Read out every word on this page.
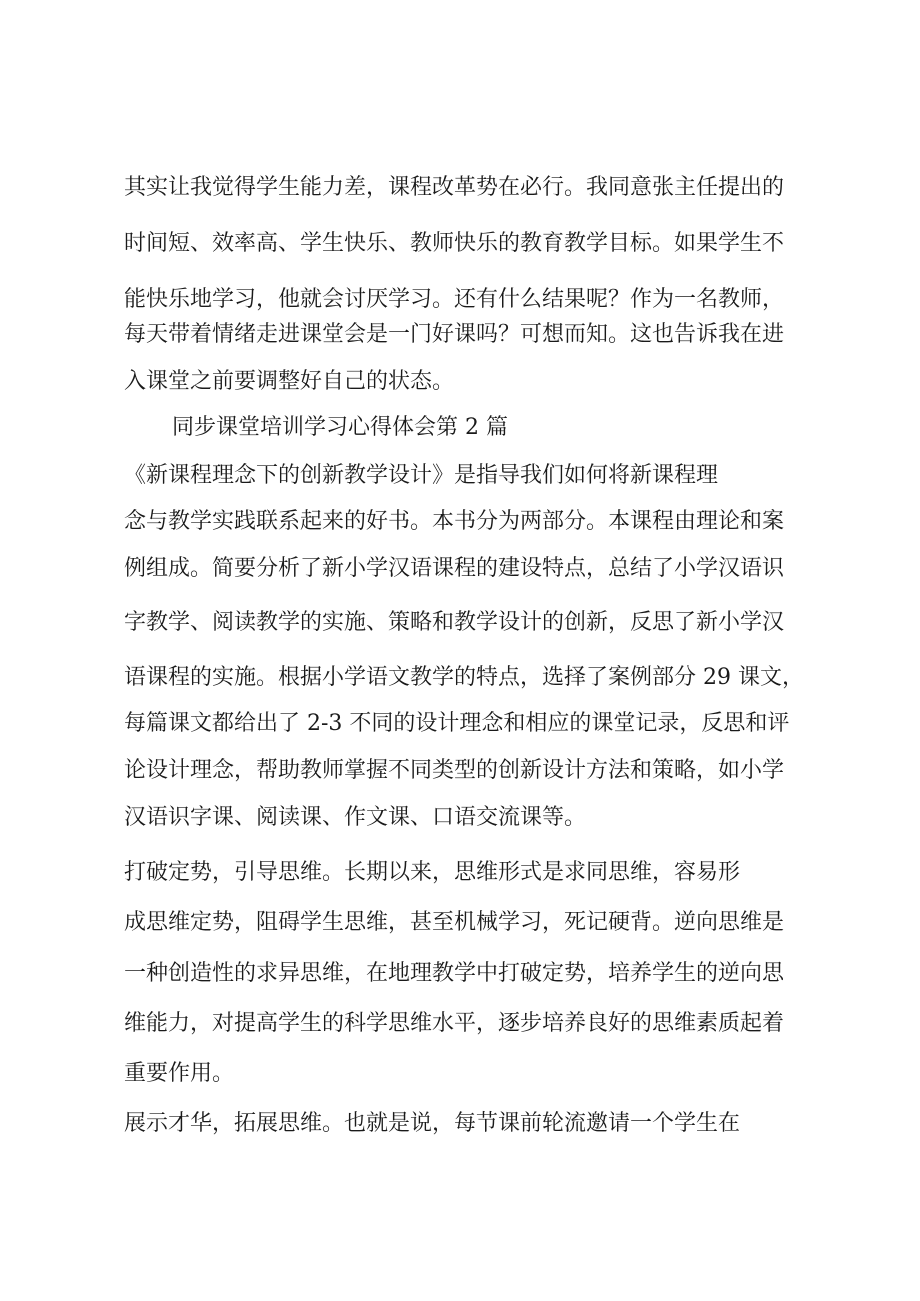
其实让我觉得学生能力差，课程改革势在必行。我同意张主任提出的
时间短、效率高、学生快乐、教师快乐的教育教学目标。如果学生不
能快乐地学习，他就会讨厌学习。还有什么结果呢？作为一名教师，
每天带着情绪走进课堂会是一门好课吗？可想而知。这也告诉我在进
入课堂之前要调整好自己的状态。
同步课堂培训学习心得体会第 2 篇
《新课程理念下的创新教学设计》是指导我们如何将新课程理
念与教学实践联系起来的好书。本书分为两部分。本课程由理论和案
例组成。简要分析了新小学汉语课程的建设特点，总结了小学汉语识
字教学、阅读教学的实施、策略和教学设计的创新，反思了新小学汉
语课程的实施。根据小学语文教学的特点，选择了案例部分 29 课文，
每篇课文都给出了 2-3 不同的设计理念和相应的课堂记录，反思和评
论设计理念，帮助教师掌握不同类型的创新设计方法和策略，如小学
汉语识字课、阅读课、作文课、口语交流课等。
打破定势，引导思维。长期以来，思维形式是求同思维，容易形
成思维定势，阻碍学生思维，甚至机械学习，死记硬背。逆向思维是
一种创造性的求异思维，在地理教学中打破定势，培养学生的逆向思
维能力，对提高学生的科学思维水平，逐步培养良好的思维素质起着
重要作用。
展示才华，拓展思维。也就是说，每节课前轮流邀请一个学生在
